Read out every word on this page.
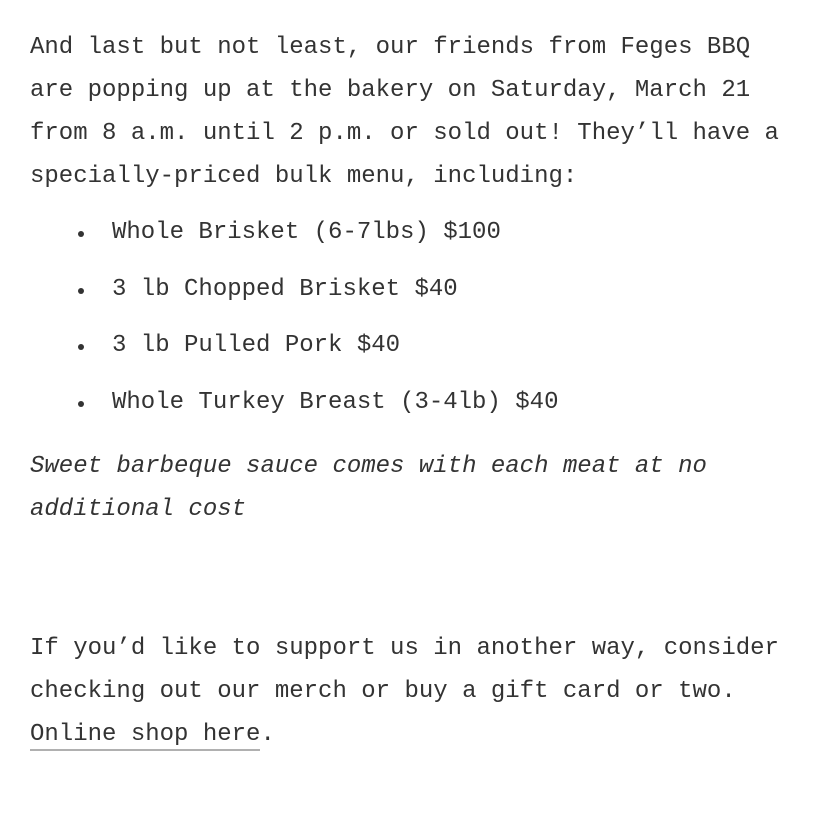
And last but not least, our friends from Feges BBQ are popping up at the bakery on Saturday, March 21 from 8 a.m. until 2 p.m. or sold out! They’ll have a specially-priced bulk menu, including:

Whole Brisket (6-7lbs) $100
3 lb Chopped Brisket $40
3 lb Pulled Pork $40
Whole Turkey Breast (3-4lb) $40

Sweet barbeque sauce comes with each meat at no additional cost

If you’d like to support us in another way, consider checking out our merch or buy a gift card or two. Online shop here.
